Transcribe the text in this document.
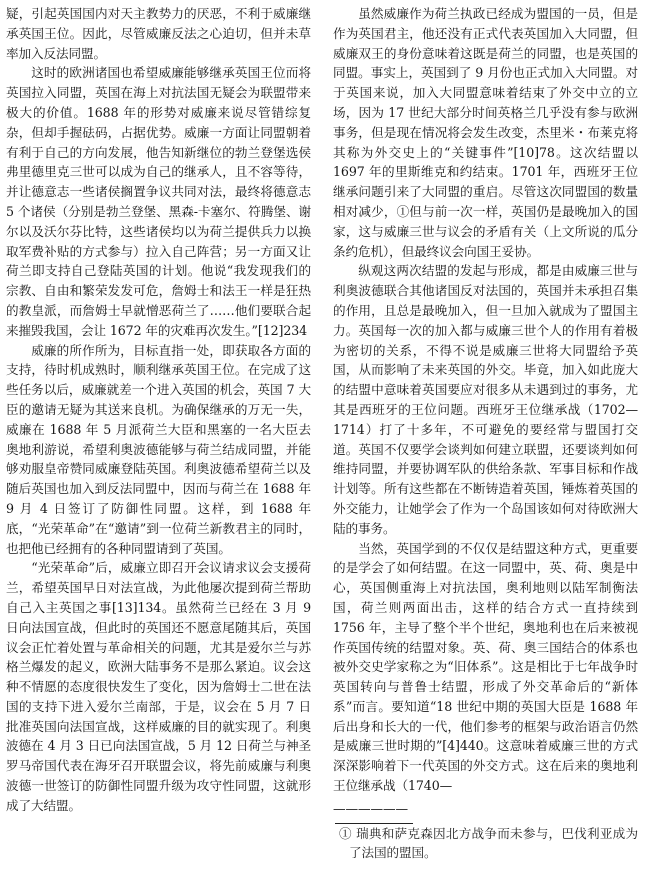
疑，引起英国国内对天主教势力的厌恶，不利于威廉继承英国王位。因此，尽管威廉反法之心迫切，但并未草率加入反法同盟。

这时的欧洲诸国也希望威廉能够继承英国王位而将英国拉入同盟，英国在海上对抗法国无疑会为联盟带来极大的价值。1688 年的形势对威廉来说尽管错综复杂，但却手握砝码，占据优势。威廉一方面让同盟朝着有利于自己的方向发展，他告知新继位的勃兰登堡选侯弗里德里克三世可以成为自己的继承人，且不容等待，并让德意志一些诸侯搁置争议共同对法，最终将德意志 5 个诸侯（分别是勃兰登堡、黑森-卡塞尔、符腾堡、谢尔以及沃尔芬比特，这些诸侯均以为荷兰提供兵力以换取军费补贴的方式参与）拉入自己阵营；另一方面又让荷兰即支持自己登陆英国的计划。他说“我发现我们的宗教、自由和繁荣发发可危，詹姆士和法王一样是狂热的教皇派，而詹姆士早就憎恶荷兰了……他们要联合起来摧毁我国，会让 1672 年的灾难再次发生。”[12]234

威廉的所作所为，目标直指一处，即获取各方面的支持，待时机成熟时，顺利继承英国王位。在完成了这些任务以后，威廉就差一个进入英国的机会，英国 7 大臣的邀请无疑为其送来良机。为确保继承的万无一失，威廉在 1688 年 5 月派荷兰大臣和黑塞的一名大臣去奥地利游说，希望利奥波德能够与荷兰结成同盟，并能够劝服皇帝赞同威廉登陆英国。利奥波德希望荷兰以及随后英国也加入到反法同盟中，因而与荷兰在 1688 年 9 月 4 日签订了防御性同盟。这样，到 1688 年底，“光荣革命”在“邀请”到一位荷兰新教君主的同时，也把他已经拥有的各种同盟请到了英国。

“光荣革命”后，威廉立即召开会议请求议会支援荷兰，希望英国早日对法宣战，为此他屡次提到荷兰帮助自己入主英国之事[13]134。虽然荷兰已经在 3 月 9 日向法国宣战，但此时的英国还不愿意尾随其后，英国议会正忙着处置与革命相关的问题，尤其是爱尔兰与苏格兰爆发的起义，欧洲大陆事务不是那么紧迫。议会这种不情愿的态度很快发生了变化，因为詹姆士二世在法国的支持下进入爱尔兰南部，于是，议会在 5 月 7 日批准英国向法国宣战，这样威廉的目的就实现了。利奥波德在 4 月 3 日已向法国宣战，5 月 12 日荷兰与神圣罗马帝国代表在海牙召开联盟会议，将先前威廉与利奥波德一世签订的防御性同盟升级为攻守性同盟，这就形成了大结盟。

虽然威廉作为荷兰执政已经成为盟国的一员，但是作为英国君主，他还没有正式代表英国加入大同盟，但威廉双王的身份意味着这既是荷兰的同盟，也是英国的同盟。事实上，英国到了 9 月份也正式加入大同盟。对于英国来说，加入大同盟意味着结束了外交中立的立场，因为 17 世纪大部分时间英格兰几乎没有参与欧洲事务，但是现在情况将会发生改变，杰里米・布莱克将其称为外交史上的“关键事件”[10]78。这次结盟以 1697 年的里斯维克和约结束。1701 年，西班牙王位继承问题引来了大同盟的重启。尽管这次同盟国的数量相对减少，①但与前一次一样，英国仍是最晚加入的国家，这与威廉三世与议会的矛盾有关（上文所说的瓜分条约危机），但最终议会向国王妥协。

纵观这两次结盟的发起与形成，都是由威廉三世与利奥波德联合其他诸国反对法国的，英国并未承担召集的作用，且总是最晚加入，但一旦加入就成为了盟国主力。英国每一次的加入都与威廉三世个人的作用有着极为密切的关系，不得不说是威廉三世将大同盟给予英国，从而影响了未来英国的外交。毕竟，加入如此庞大的结盟中意味着英国要应对很多从未遇到过的事务，尤其是西班牙的王位问题。西班牙王位继承战（1702—1714）打了十多年，不可避免的要经常与盟国打交道。英国不仅要学会谈判如何建立联盟，还要谈判如何维持同盟，并要协调军队的供给条款、军事目标和作战计划等。所有这些都在不断铸造着英国，锤炼着英国的外交能力，让她学会了作为一个岛国该如何对待欧洲大陆的事务。

当然，英国学到的不仅仅是结盟这种方式，更重要的是学会了如何结盟。在这一同盟中，英、荷、奥是中心，英国侧重海上对抗法国，奥利地则以陆军制衡法国，荷兰则两面出击，这样的结合方式一直持续到 1756 年，主导了整个半个世纪，奥地利也在后来被视作英国传统的结盟对象。英、荷、奥三国结合的体系也被外交史学家称之为“旧体系”。这是相比于七年战争时英国转向与普鲁士结盟，形成了外交革命后的“新体系”而言。要知道“18 世纪中期的英国大臣是 1688 年后出身和长大的一代，他们参考的框架与政治语言仍然是威廉三世时期的”[4]440。这意味着威廉三世的方式深深影响着下一代英国的外交方式。这在后来的奥地利王位继承战（1740—

——————

① 瑞典和萨克森因北方战争而未参与，巴伐利亚成为了法国的盟国。
